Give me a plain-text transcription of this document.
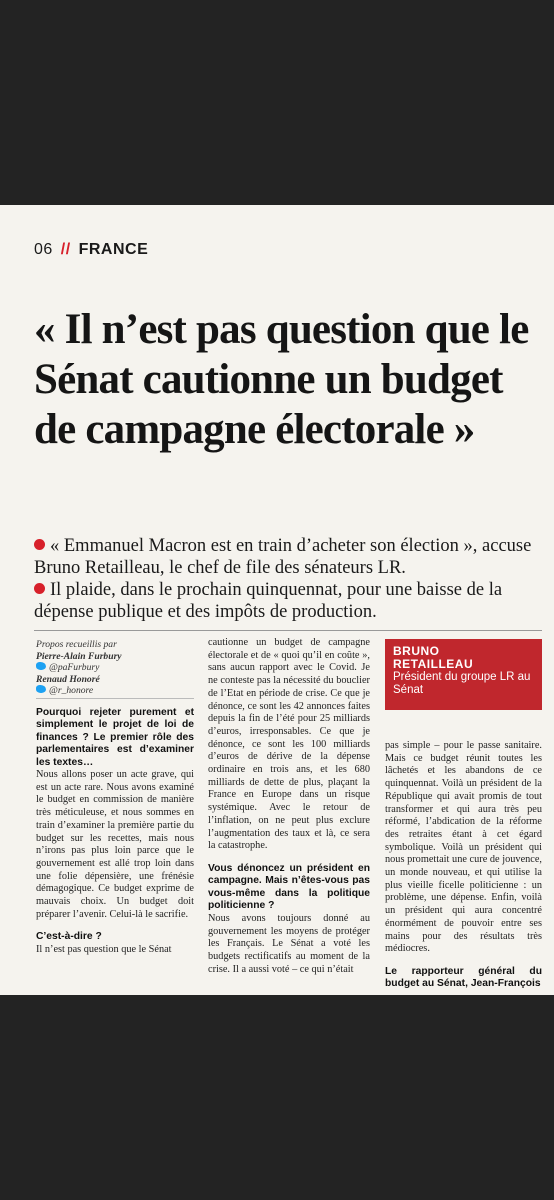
06 // FRANCE
« Il n’est pas question que le Sénat cautionne un budget de campagne électorale »

« Emmanuel Macron est en train d’acheter son élection », accuse Bruno Retailleau, le chef de file des sénateurs LR.

Il plaide, dans le prochain quinquennat, pour une baisse de la dépense publique et des impôts de production.

Propos recueillis par
Pierre-Alain Furbury
@paFurbury
Renaud Honoré
@r_honore

Pourquoi rejeter purement et simplement le projet de loi de finances ? Le premier rôle des parlementaires est d’examiner les textes…

Nous allons poser un acte grave, qui est un acte rare. Nous avons examiné le budget en commission de manière très méticuleuse, et nous sommes en train d’examiner la première partie du budget sur les recettes, mais nous n’irons pas plus loin parce que le gouvernement est allé trop loin dans une folie dépensière, une frénésie démagogique. Ce budget exprime de mauvais choix. Un budget doit préparer l’avenir. Celui-là le sacrifie.

C’est-à-dire ?

Il n’est pas question que le Sénat

cautionne un budget de campagne électorale et de « quoi qu’il en coûte », sans aucun rapport avec le Covid. Je ne conteste pas la nécessité du bouclier de l’Etat en période de crise. Ce que je dénonce, ce sont les 42 annonces faites depuis la fin de l’été pour 25 milliards d’euros, irresponsables. Ce que je dénonce, ce sont les 100 milliards d’euros de dérive de la dépense ordinaire en trois ans, et les 680 milliards de dette de plus, plaçant la France en Europe dans un risque systémique. Avec le retour de l’inflation, on ne peut plus exclure l’augmentation des taux et là, ce sera la catastrophe.

Vous dénoncez un président en campagne. Mais n’êtes-vous pas vous-même dans la politique politicienne ?

Nous avons toujours donné au gouvernement les moyens de protéger les Français. Le Sénat a voté les budgets rectificatifs au moment de la crise. Il a aussi voté – ce qui n’était

BRUNO
RETAILLEAU
Président du groupe LR au Sénat

pas simple – pour le passe sanitaire. Mais ce budget réunit toutes les lâchetés et les abandons de ce quinquennat. Voilà un président de la République qui avait promis de tout transformer et qui aura très peu réformé, l’abdication de la réforme des retraites étant à cet égard symbolique. Voilà un président qui nous promettait une cure de jouvence, un monde nouveau, et qui utilise la plus vieille ficelle politicienne : un problème, une dépense. Enfin, voilà un président qui aura concentré énormément de pouvoir entre ses mains pour des résultats très médiocres.

Le rapporteur général du budget au Sénat, Jean-François
